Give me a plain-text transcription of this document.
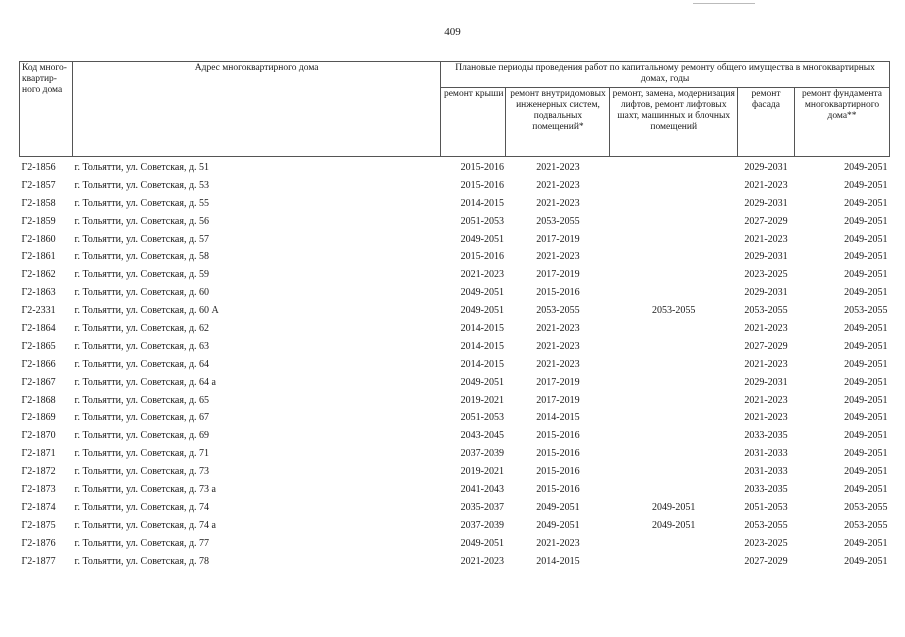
409
Код много-квартир-ного дома	Адрес многоквартирного дома	Плановые периоды проведения работ по капитальному ремонту общего имущества в многоквартирных домах, годы				
		ремонт крыши	ремонт внутридомовых инженерных систем, подвальных помещений*	ремонт, замена, модернизация лифтов, ремонт лифтовых шахт, машинных и блочных помещений	ремонт фасада	ремонт фундамента многоквартирного дома**
Г2-1856	г. Тольятти, ул. Советская, д. 51	2015-2016	2021-2023		2029-2031	2049-2051
Г2-1857	г. Тольятти, ул. Советская, д. 53	2015-2016	2021-2023		2021-2023	2049-2051
Г2-1858	г. Тольятти, ул. Советская, д. 55	2014-2015	2021-2023		2029-2031	2049-2051
Г2-1859	г. Тольятти, ул. Советская, д. 56	2051-2053	2053-2055		2027-2029	2049-2051
Г2-1860	г. Тольятти, ул. Советская, д. 57	2049-2051	2017-2019		2021-2023	2049-2051
Г2-1861	г. Тольятти, ул. Советская, д. 58	2015-2016	2021-2023		2029-2031	2049-2051
Г2-1862	г. Тольятти, ул. Советская, д. 59	2021-2023	2017-2019		2023-2025	2049-2051
Г2-1863	г. Тольятти, ул. Советская, д. 60	2049-2051	2015-2016		2029-2031	2049-2051
Г2-2331	г. Тольятти, ул. Советская, д. 60 А	2049-2051	2053-2055	2053-2055	2053-2055	2053-2055
Г2-1864	г. Тольятти, ул. Советская, д. 62	2014-2015	2021-2023		2021-2023	2049-2051
Г2-1865	г. Тольятти, ул. Советская, д. 63	2014-2015	2021-2023		2027-2029	2049-2051
Г2-1866	г. Тольятти, ул. Советская, д. 64	2014-2015	2021-2023		2021-2023	2049-2051
Г2-1867	г. Тольятти, ул. Советская, д. 64 а	2049-2051	2017-2019		2029-2031	2049-2051
Г2-1868	г. Тольятти, ул. Советская, д. 65	2019-2021	2017-2019		2021-2023	2049-2051
Г2-1869	г. Тольятти, ул. Советская, д. 67	2051-2053	2014-2015		2021-2023	2049-2051
Г2-1870	г. Тольятти, ул. Советская, д. 69	2043-2045	2015-2016		2033-2035	2049-2051
Г2-1871	г. Тольятти, ул. Советская, д. 71	2037-2039	2015-2016		2031-2033	2049-2051
Г2-1872	г. Тольятти, ул. Советская, д. 73	2019-2021	2015-2016		2031-2033	2049-2051
Г2-1873	г. Тольятти, ул. Советская, д. 73 а	2041-2043	2015-2016		2033-2035	2049-2051
Г2-1874	г. Тольятти, ул. Советская, д. 74	2035-2037	2049-2051	2049-2051	2051-2053	2053-2055
Г2-1875	г. Тольятти, ул. Советская, д. 74 а	2037-2039	2049-2051	2049-2051	2053-2055	2053-2055
Г2-1876	г. Тольятти, ул. Советская, д. 77	2049-2051	2021-2023		2023-2025	2049-2051
Г2-1877	г. Тольятти, ул. Советская, д. 78	2021-2023	2014-2015		2027-2029	2049-2051
